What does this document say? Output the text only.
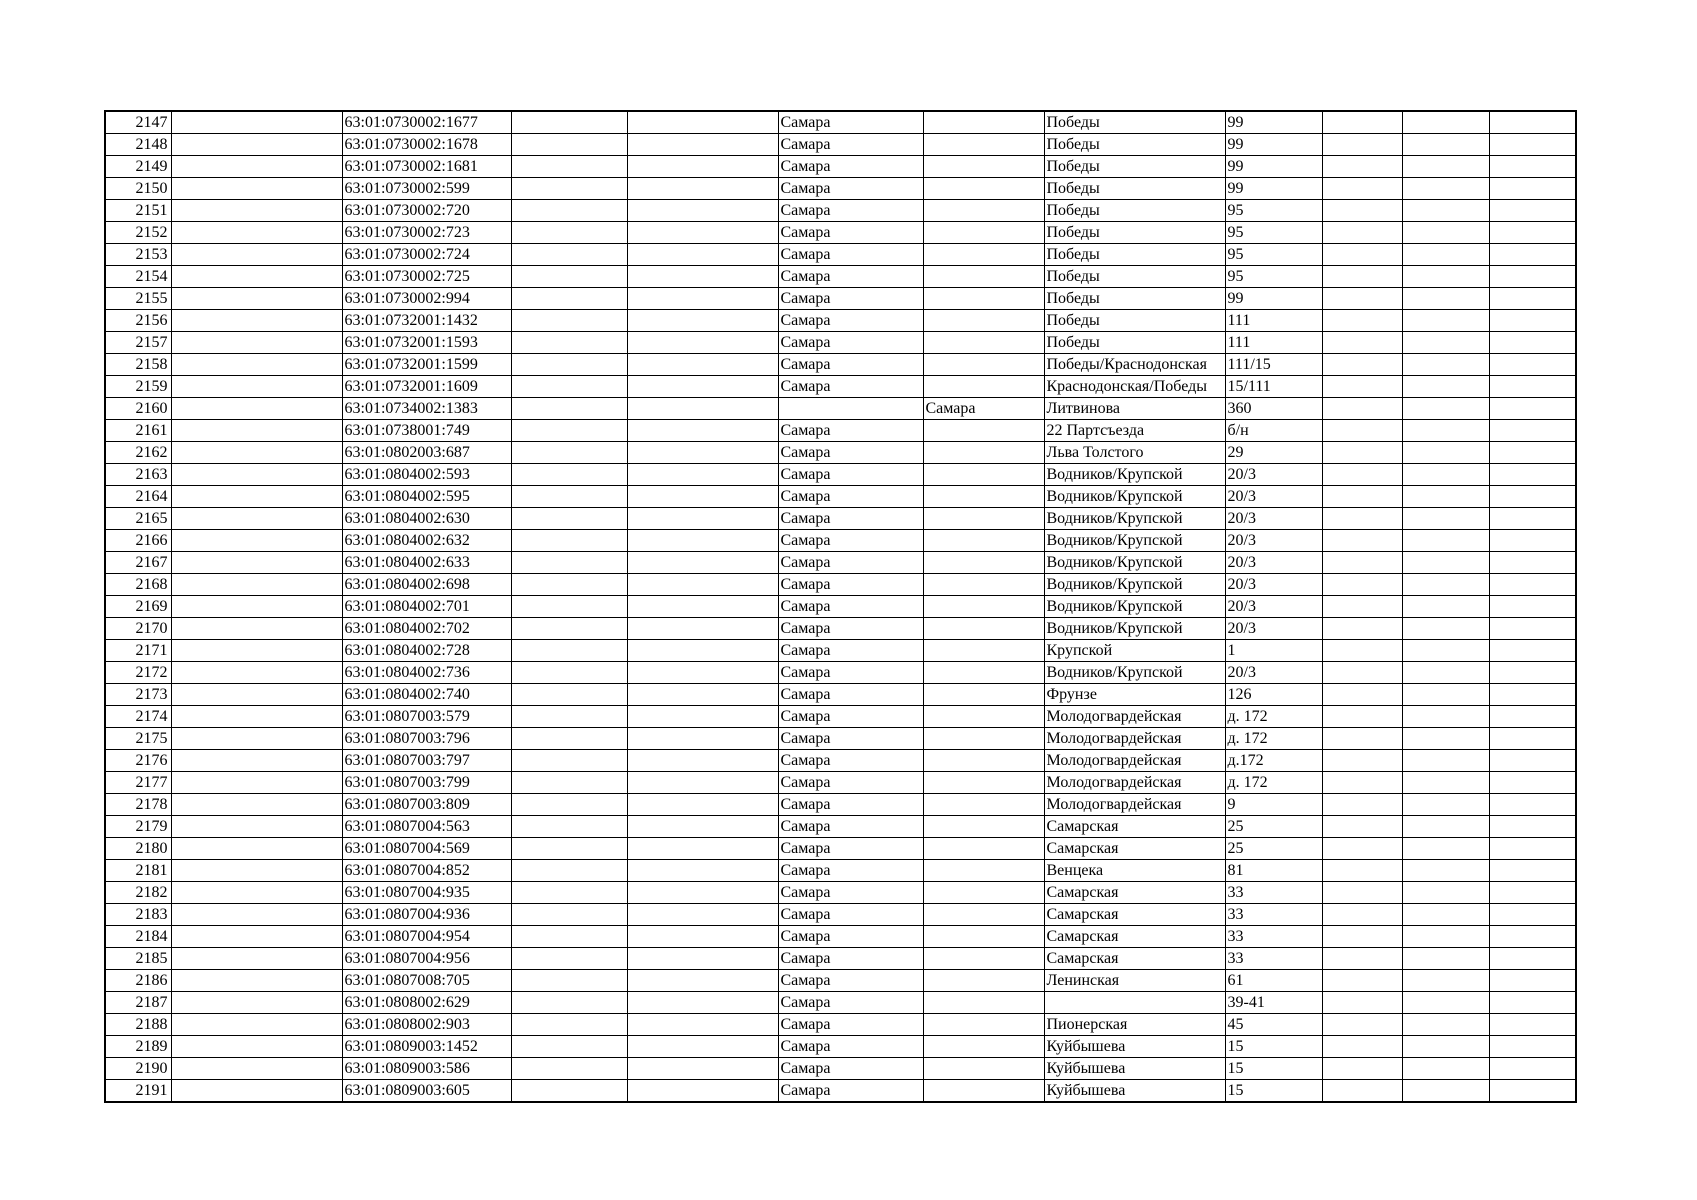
2147		63:01:0730002:1677			Самара		Победы	99			
2148		63:01:0730002:1678			Самара		Победы	99			
2149		63:01:0730002:1681			Самара		Победы	99			
2150		63:01:0730002:599			Самара		Победы	99			
2151		63:01:0730002:720			Самара		Победы	95			
2152		63:01:0730002:723			Самара		Победы	95			
2153		63:01:0730002:724			Самара		Победы	95			
2154		63:01:0730002:725			Самара		Победы	95			
2155		63:01:0730002:994			Самара		Победы	99			
2156		63:01:0732001:1432			Самара		Победы	111			
2157		63:01:0732001:1593			Самара		Победы	111			
2158		63:01:0732001:1599			Самара		Победы/Краснодонская	111/15			
2159		63:01:0732001:1609			Самара		Краснодонская/Победы	15/111			
2160		63:01:0734002:1383				Самара	Литвинова	360			
2161		63:01:0738001:749			Самара		22 Партсъезда	б/н			
2162		63:01:0802003:687			Самара		Льва Толстого	29			
2163		63:01:0804002:593			Самара		Водников/Крупской	20/3			
2164		63:01:0804002:595			Самара		Водников/Крупской	20/3			
2165		63:01:0804002:630			Самара		Водников/Крупской	20/3			
2166		63:01:0804002:632			Самара		Водников/Крупской	20/3			
2167		63:01:0804002:633			Самара		Водников/Крупской	20/3			
2168		63:01:0804002:698			Самара		Водников/Крупской	20/3			
2169		63:01:0804002:701			Самара		Водников/Крупской	20/3			
2170		63:01:0804002:702			Самара		Водников/Крупской	20/3			
2171		63:01:0804002:728			Самара		Крупской	1			
2172		63:01:0804002:736			Самара		Водников/Крупской	20/3			
2173		63:01:0804002:740			Самара		Фрунзе	126			
2174		63:01:0807003:579			Самара		Молодогвардейская	д. 172			
2175		63:01:0807003:796			Самара		Молодогвардейская	д. 172			
2176		63:01:0807003:797			Самара		Молодогвардейская	д.172			
2177		63:01:0807003:799			Самара		Молодогвардейская	д. 172			
2178		63:01:0807003:809			Самара		Молодогвардейская	9			
2179		63:01:0807004:563			Самара		Самарская	25			
2180		63:01:0807004:569			Самара		Самарская	25			
2181		63:01:0807004:852			Самара		Венцека	81			
2182		63:01:0807004:935			Самара		Самарская	33			
2183		63:01:0807004:936			Самара		Самарская	33			
2184		63:01:0807004:954			Самара		Самарская	33			
2185		63:01:0807004:956			Самара		Самарская	33			
2186		63:01:0807008:705			Самара		Ленинская	61			
2187		63:01:0808002:629			Самара			39-41			
2188		63:01:0808002:903			Самара		Пионерская	45			
2189		63:01:0809003:1452			Самара		Куйбышева	15			
2190		63:01:0809003:586			Самара		Куйбышева	15			
2191		63:01:0809003:605			Самара		Куйбышева	15			
